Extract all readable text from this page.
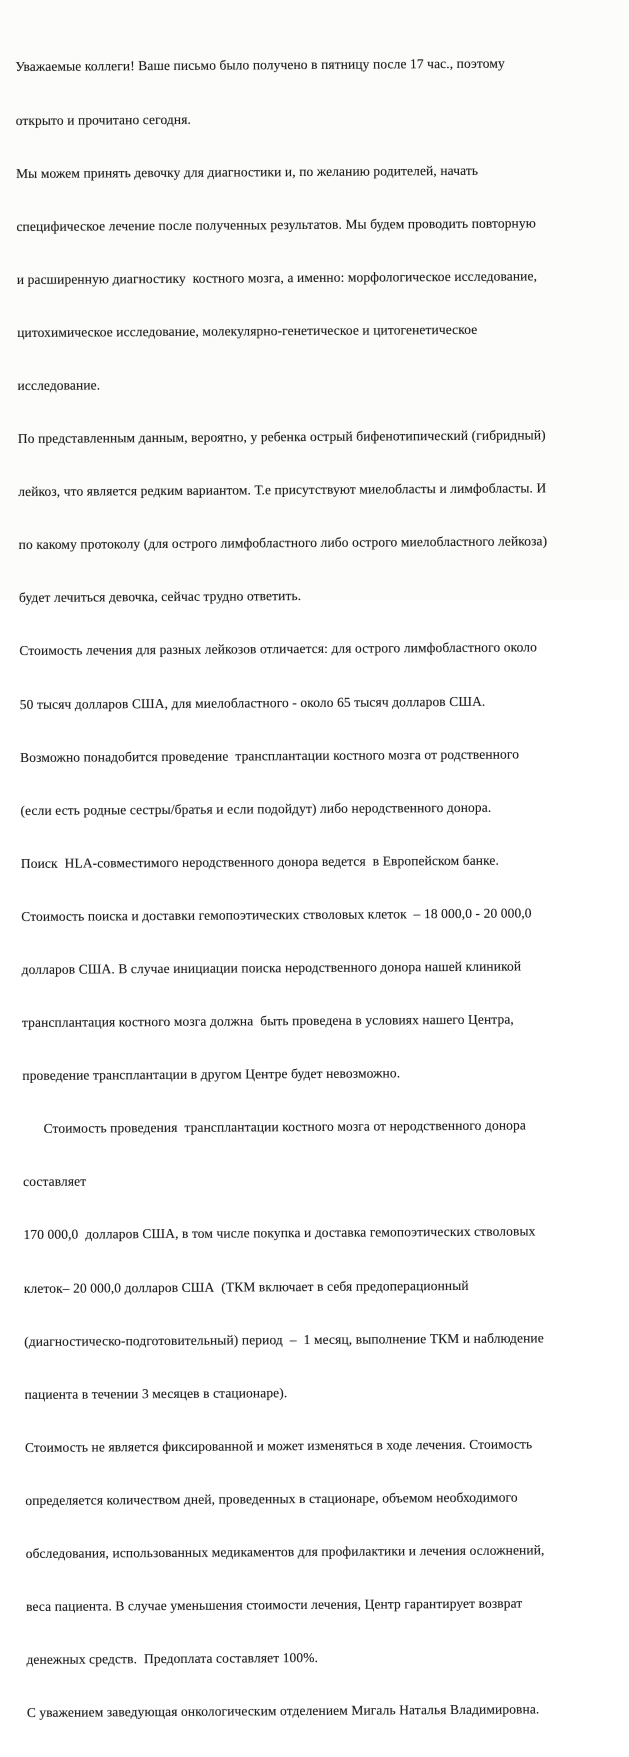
Уважаемые коллеги! Ваше письмо было получено в пятницу после 17 час., поэтому

открыто и прочитано сегодня.

Мы можем принять девочку для диагностики и, по желанию родителей, начать

специфическое лечение после полученных результатов. Мы будем проводить повторную

и расширенную диагностику  костного мозга, а именно: морфологическое исследование,

цитохимическое исследование, молекулярно-генетическое и цитогенетическое

исследование.

По представленным данным, вероятно, у ребенка острый бифенотипический (гибридный)

лейкоз, что является редким вариантом. Т.е присутствуют миелобласты и лимфобласты. И

по какому протоколу (для острого лимфобластного либо острого миелобластного лейкоза)

будет лечиться девочка, сейчас трудно ответить.

Стоимость лечения для разных лейкозов отличается: для острого лимфобластного около

50 тысяч долларов США, для миелобластного - около 65 тысяч долларов США.

Возможно понадобится проведение  трансплантации костного мозга от родственного

(если есть родные сестры/братья и если подойдут) либо неродственного донора.

Поиск  HLA-совместимого неродственного донора ведется  в Европейском банке.

Стоимость поиска и доставки гемопоэтических стволовых клеток  – 18 000,0 - 20 000,0

долларов США. В случае инициации поиска неродственного донора нашей клиникой

трансплантация костного мозга должна  быть проведена в условиях нашего Центра,

проведение трансплантации в другом Центре будет невозможно.

Стоимость проведения  трансплантации костного мозга от неродственного донора

составляет

170 000,0  долларов США, в том числе покупка и доставка гемопоэтических стволовых

клеток– 20 000,0 долларов США  (ТКМ включает в себя предоперационный

(диагностическо-подготовительный) период  –  1 месяц, выполнение ТКМ и наблюдение

пациента в течении 3 месяцев в стационаре).

Стоимость не является фиксированной и может изменяться в ходе лечения. Стоимость

определяется количеством дней, проведенных в стационаре, объемом необходимого

обследования, использованных медикаментов для профилактики и лечения осложнений,

веса пациента. В случае уменьшения стоимости лечения, Центр гарантирует возврат

денежных средств.  Предоплата составляет 100%.

С уважением заведующая онкологическим отделением Мигаль Наталья Владимировна.
